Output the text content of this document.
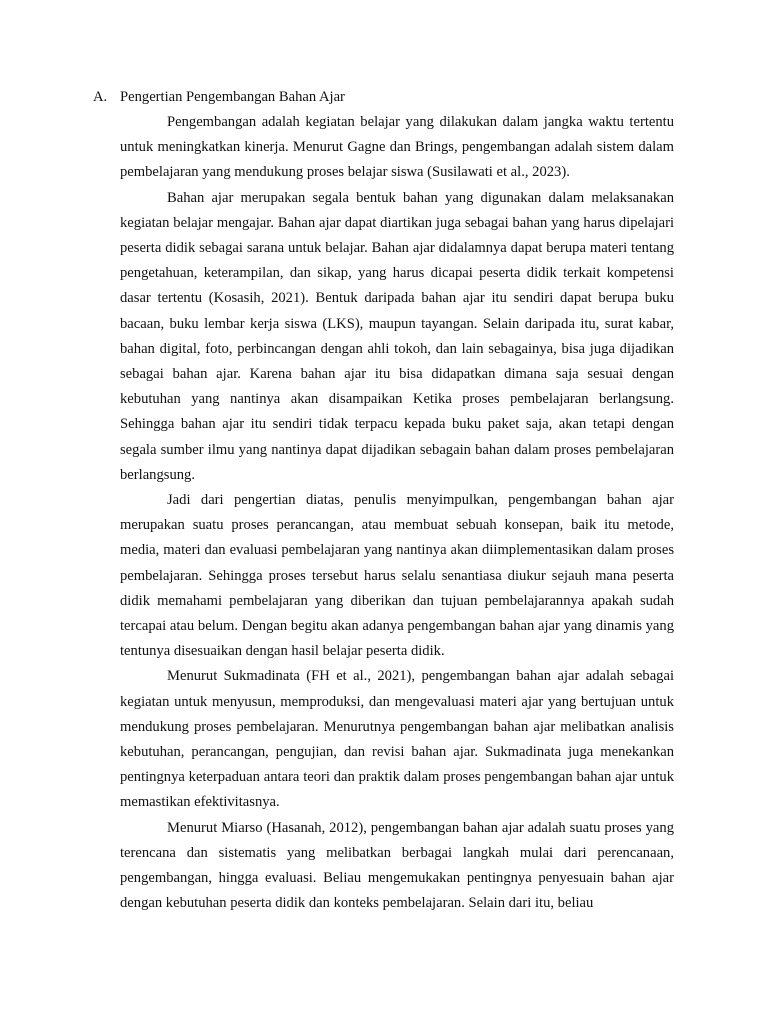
A. Pengertian Pengembangan Bahan Ajar

Pengembangan adalah kegiatan belajar yang dilakukan dalam jangka waktu tertentu untuk meningkatkan kinerja. Menurut Gagne dan Brings, pengembangan adalah sistem dalam pembelajaran yang mendukung proses belajar siswa (Susilawati et al., 2023).

Bahan ajar merupakan segala bentuk bahan yang digunakan dalam melaksanakan kegiatan belajar mengajar. Bahan ajar dapat diartikan juga sebagai bahan yang harus dipelajari peserta didik sebagai sarana untuk belajar. Bahan ajar didalamnya dapat berupa materi tentang pengetahuan, keterampilan, dan sikap, yang harus dicapai peserta didik terkait kompetensi dasar tertentu (Kosasih, 2021). Bentuk daripada bahan ajar itu sendiri dapat berupa buku bacaan, buku lembar kerja siswa (LKS), maupun tayangan. Selain daripada itu, surat kabar, bahan digital, foto, perbincangan dengan ahli tokoh, dan lain sebagainya, bisa juga dijadikan sebagai bahan ajar. Karena bahan ajar itu bisa didapatkan dimana saja sesuai dengan kebutuhan yang nantinya akan disampaikan Ketika proses pembelajaran berlangsung. Sehingga bahan ajar itu sendiri tidak terpacu kepada buku paket saja, akan tetapi dengan segala sumber ilmu yang nantinya dapat dijadikan sebagain bahan dalam proses pembelajaran berlangsung.

Jadi dari pengertian diatas, penulis menyimpulkan, pengembangan bahan ajar merupakan suatu proses perancangan, atau membuat sebuah konsepan, baik itu metode, media, materi dan evaluasi pembelajaran yang nantinya akan diimplementasikan dalam proses pembelajaran. Sehingga proses tersebut harus selalu senantiasa diukur sejauh mana peserta didik memahami pembelajaran yang diberikan dan tujuan pembelajarannya apakah sudah tercapai atau belum. Dengan begitu akan adanya pengembangan bahan ajar yang dinamis yang tentunya disesuaikan dengan hasil belajar peserta didik.

Menurut Sukmadinata (FH et al., 2021), pengembangan bahan ajar adalah sebagai kegiatan untuk menyusun, memproduksi, dan mengevaluasi materi ajar yang bertujuan untuk mendukung proses pembelajaran. Menurutnya pengembangan bahan ajar melibatkan analisis kebutuhan, perancangan, pengujian, dan revisi bahan ajar. Sukmadinata juga menekankan pentingnya keterpaduan antara teori dan praktik dalam proses pengembangan bahan ajar untuk memastikan efektivitasnya.

Menurut Miarso (Hasanah, 2012), pengembangan bahan ajar adalah suatu proses yang terencana dan sistematis yang melibatkan berbagai langkah mulai dari perencanaan, pengembangan, hingga evaluasi. Beliau mengemukakan pentingnya penyesuain bahan ajar dengan kebutuhan peserta didik dan konteks pembelajaran. Selain dari itu, beliau
